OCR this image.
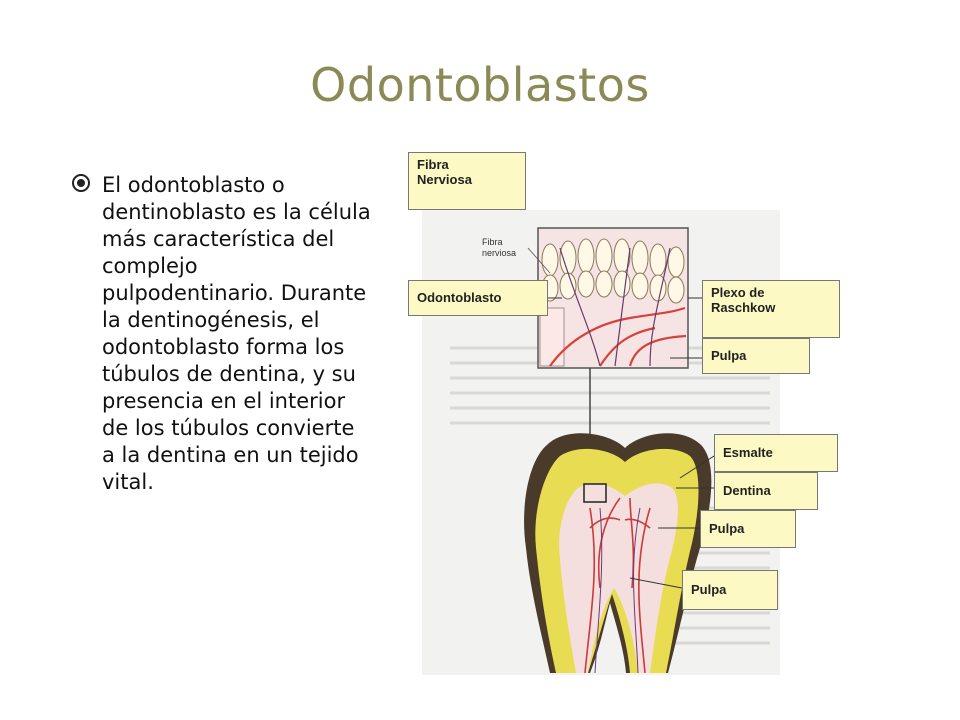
Odontoblastos
El odontoblasto o dentinoblasto es la célula más característica del complejo pulpodentinario. Durante la dentinogénesis, el odontoblasto forma los túbulos de dentina, y su presencia en el interior de los túbulos convierte a la dentina en un tejido vital.
Fibra nerviosa
Fibra
Nerviosa
Odontoblasto	Plexo de
Raschkow
Pulpa
Esmalte
Dentina
Pulpa
Pulpa
